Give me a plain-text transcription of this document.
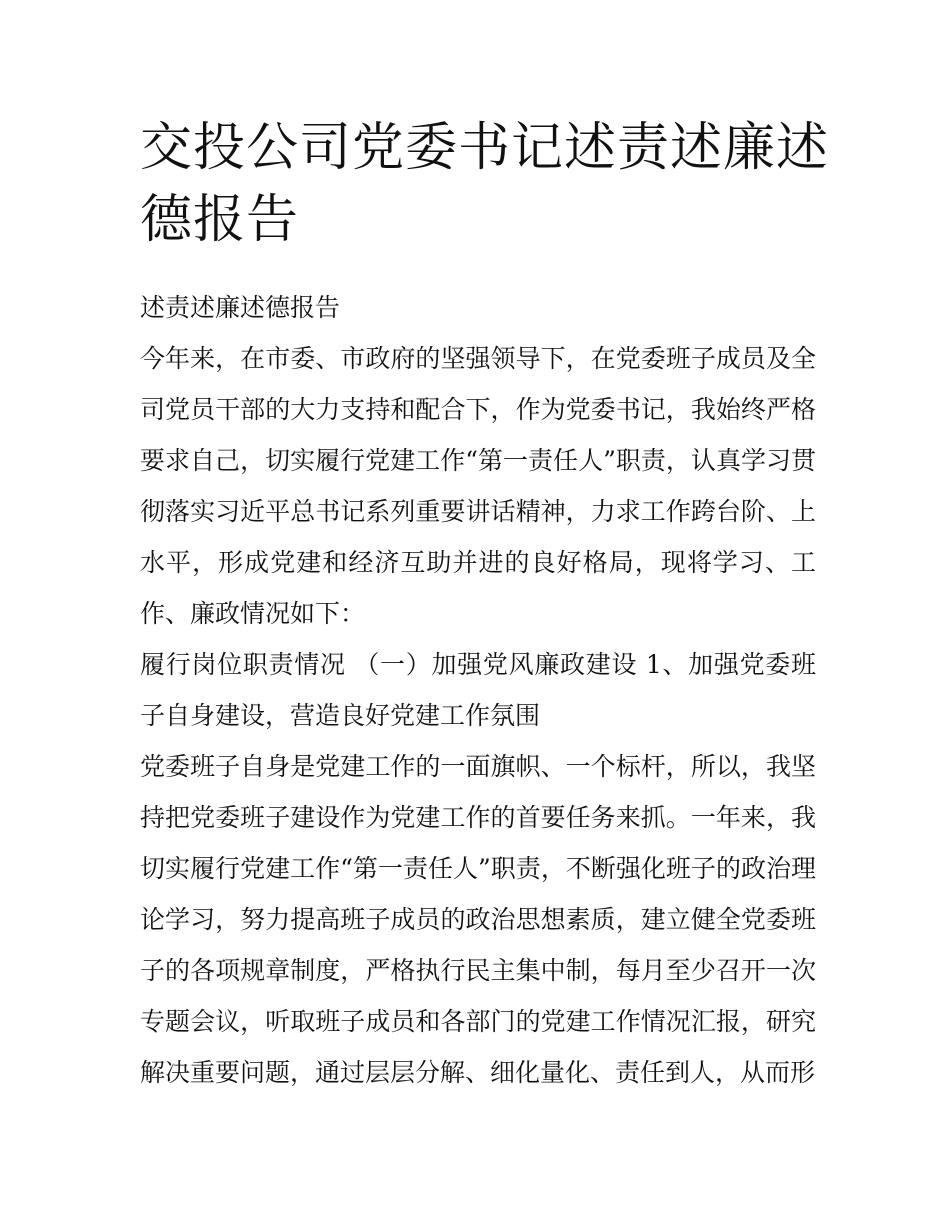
交投公司党委书记述责述廉述德报告

述责述廉述德报告

今年来，在市委、市政府的坚强领导下，在党委班子成员及全司党员干部的大力支持和配合下，作为党委书记，我始终严格要求自己，切实履行党建工作“第一责任人”职责，认真学习贯彻落实习近平总书记系列重要讲话精神，力求工作跨台阶、上水平，形成党建和经济互助并进的良好格局，现将学习、工作、廉政情况如下：

履行岗位职责情况 （一）加强党风廉政建设 1、加强党委班子自身建设，营造良好党建工作氛围

党委班子自身是党建工作的一面旗帜、一个标杆，所以，我坚持把党委班子建设作为党建工作的首要任务来抓。一年来，我切实履行党建工作“第一责任人”职责，不断强化班子的政治理论学习，努力提高班子成员的政治思想素质，建立健全党委班子的各项规章制度，严格执行民主集中制，每月至少召开一次专题会议，听取班子成员和各部门的党建工作情况汇报，研究解决重要问题，通过层层分解、细化量化、责任到人，从而形
